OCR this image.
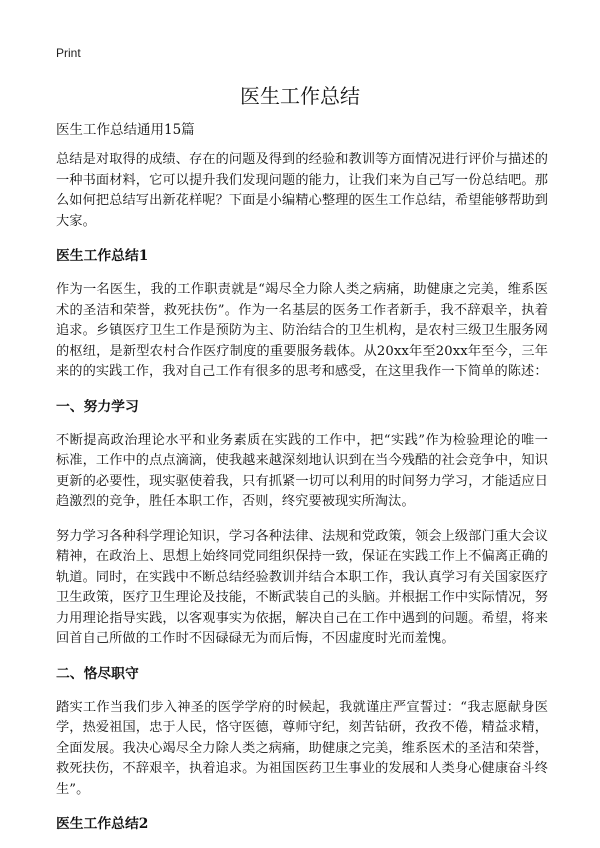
Print
医生工作总结

医生工作总结通用15篇

总结是对取得的成绩、存在的问题及得到的经验和教训等方面情况进行评价与描述的一种书面材料，它可以提升我们发现问题的能力，让我们来为自己写一份总结吧。那么如何把总结写出新花样呢？下面是小编精心整理的医生工作总结，希望能够帮助到大家。

医生工作总结1

作为一名医生，我的工作职责就是“竭尽全力除人类之病痛，助健康之完美，维系医术的圣洁和荣誉，救死扶伤”。作为一名基层的医务工作者新手，我不辞艰辛，执着追求。乡镇医疗卫生工作是预防为主、防治结合的卫生机构，是农村三级卫生服务网的枢纽，是新型农村合作医疗制度的重要服务载体。从20xx年至20xx年至今，三年来的的实践工作，我对自己工作有很多的思考和感受，在这里我作一下简单的陈述：

一、努力学习

不断提高政治理论水平和业务素质在实践的工作中，把“实践”作为检验理论的唯一标准，工作中的点点滴滴，使我越来越深刻地认识到在当今残酷的社会竞争中，知识更新的必要性，现实驱使着我，只有抓紧一切可以利用的时间努力学习，才能适应日趋激烈的竞争，胜任本职工作，否则，终究要被现实所淘汰。

努力学习各种科学理论知识，学习各种法律、法规和党政策，领会上级部门重大会议精神，在政治上、思想上始终同党同组织保持一致，保证在实践工作上不偏离正确的轨道。同时，在实践中不断总结经验教训并结合本职工作，我认真学习有关国家医疗卫生政策，医疗卫生理论及技能，不断武装自己的头脑。并根据工作中实际情况，努力用理论指导实践，以客观事实为依据，解决自己在工作中遇到的问题。希望，将来回首自己所做的工作时不因碌碌无为而后悔，不因虚度时光而羞愧。

二、恪尽职守

踏实工作当我们步入神圣的医学学府的时候起，我就谨庄严宣誓过：“我志愿献身医学，热爱祖国，忠于人民，恪守医德，尊师守纪，刻苦钻研，孜孜不倦，精益求精，全面发展。我决心竭尽全力除人类之病痛，助健康之完美，维系医术的圣洁和荣誉，救死扶伤，不辞艰辛，执着追求。为祖国医药卫生事业的发展和人类身心健康奋斗终生”。

医生工作总结2
